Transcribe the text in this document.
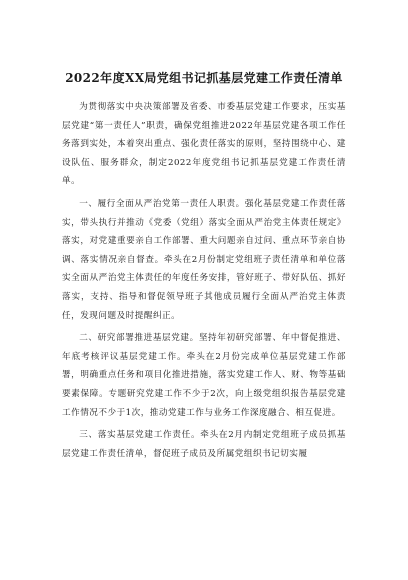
2022年度XX局党组书记抓基层党建工作责任清单

为贯彻落实中央决策部署及省委、市委基层党建工作要求，压实基层党建“第一责任人”职责，确保党组推进2022年基层党建各项工作任务落到实处，本着突出重点、强化责任落实的原则，坚持围绕中心、建设队伍、服务群众，制定2022年度党组书记抓基层党建工作责任清单。

一、履行全面从严治党第一责任人职责。强化基层党建工作责任落实，带头执行并推动《党委（党组）落实全面从严治党主体责任规定》落实，对党建重要亲自工作部署、重大问题亲自过问、重点环节亲自协调、落实情况亲自督查。牵头在2月份制定党组班子责任清单和单位落实全面从严治党主体责任的年度任务安排，管好班子、带好队伍、抓好落实，支持、指导和督促领导班子其他成员履行全面从严治党主体责任，发现问题及时提醒纠正。

二、研究部署推进基层党建。坚持年初研究部署、年中督促推进、年底考核评议基层党建工作。牵头在2月份完成单位基层党建工作部署，明确重点任务和项目化推进措施，落实党建工作人、财、物等基础要素保障。专题研究党建工作不少于2次，向上级党组织报告基层党建工作情况不少于1次，推动党建工作与业务工作深度融合、相互促进。

三、落实基层党建工作责任。牵头在2月内制定党组班子成员抓基层党建工作责任清单，督促班子成员及所属党组织书记切实履
